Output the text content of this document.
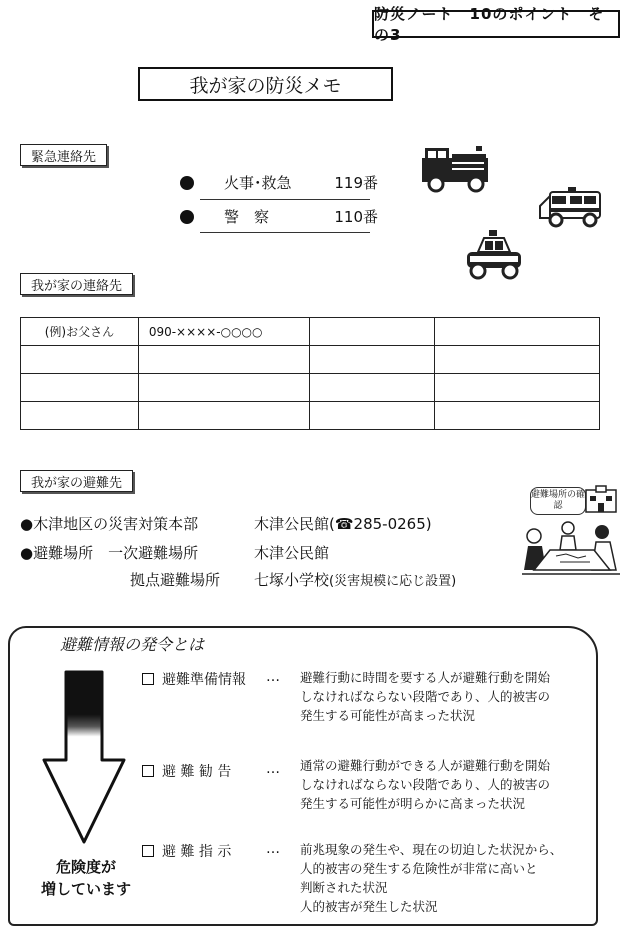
防災ノート　10のポイント　その3
我が家の防災メモ
緊急連絡先
火事･救急	119番
警　察	110番
我が家の連絡先
(例)お父さん	090-××××-○○○○		

我が家の避難先
●木津地区の災害対策本部	木津公民館(☎285-0265)
●避難場所　一次避難場所	木津公民館
拠点避難場所 七塚小学校(災害規模に応じ設置)
避難場所の確認
避難情報の発令とは
危険度が
増しています
避難準備情報 … 避難行動に時間を要する人が避難行動を開始
しなければならない段階であり、人的被害の
発生する可能性が高まった状況
避 難 勧 告 … 通常の避難行動ができる人が避難行動を開始
しなければならない段階であり、人的被害の
発生する可能性が明らかに高まった状況
避 難 指 示 … 前兆現象の発生や、現在の切迫した状況から、
人的被害の発生する危険性が非常に高いと
判断された状況
人的被害が発生した状況
